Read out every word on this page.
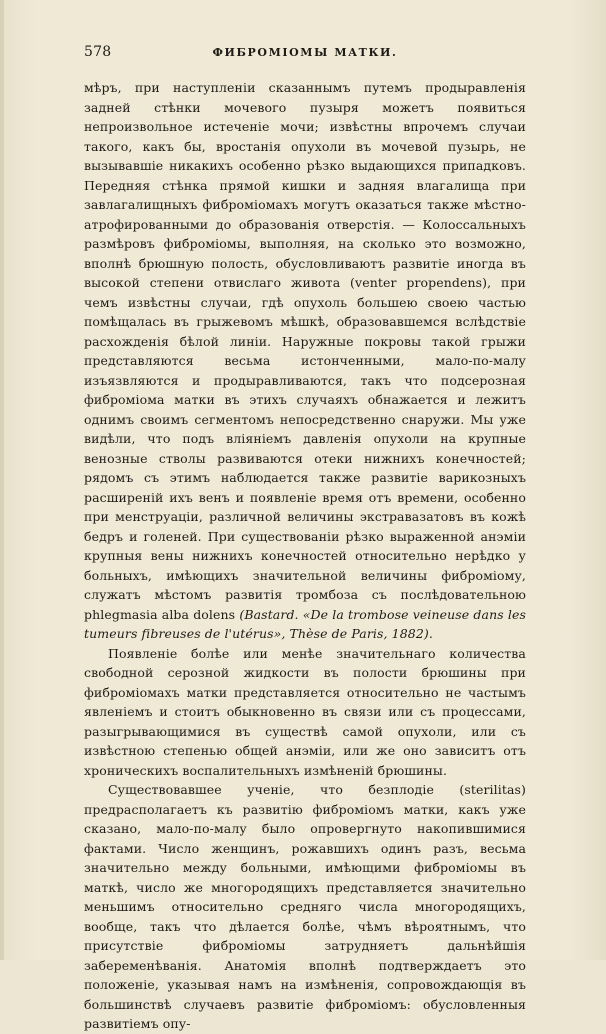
578	ФИБРОМІОМЫ МАТКИ.

мѣръ, при наступленіи сказаннымъ путемъ продыравленія задней стѣнки мочевого пузыря можетъ появиться непроизвольное истеченіе мочи; извѣстны впрочемъ случаи такого, какъ бы, вростанія опухоли въ мочевой пузырь, не вызывавшіе никакихъ особенно рѣзко выдающихся припадковъ. Передняя стѣнка прямой кишки и задняя влагалища при завлагалищныхъ фиброміомахъ могутъ оказаться также мѣстно-атрофированными до образованія отверстія. — Колоссальныхъ размѣровъ фиброміомы, выполняя, на сколько это возможно, вполнѣ брюшную полость, обусловливаютъ развитіе иногда въ высокой степени отвислаго живота (venter propendens), при чемъ извѣстны случаи, гдѣ опухоль большею своею частью помѣщалась въ грыжевомъ мѣшкѣ, образовавшемся вслѣдствіе расхожденія бѣлой линіи. Наружные покровы такой грыжи представляются весьма истонченными, мало-по-малу изъязвляются и продыравливаются, такъ что подсерозная фиброміома матки въ этихъ случаяхъ обнажается и лежитъ однимъ своимъ сегментомъ непосредственно снаружи. Мы уже видѣли, что подъ вліяніемъ давленія опухоли на крупные венозные стволы развиваются отеки нижнихъ конечностей; рядомъ съ этимъ наблюдается также развитіе варикозныхъ расширеній ихъ венъ и появленіе время отъ времени, особенно при менструаціи, различной величины экстравазатовъ въ кожѣ бедръ и голеней. При существованіи рѣзко выраженной анэміи крупныя вены нижнихъ конечностей относительно нерѣдко у больныхъ, имѣющихъ значительной величины фиброміому, служатъ мѣстомъ развитія тромбоза съ послѣдовательною phlegmasia alba dolens (Bastard. «De la trombose veineuse dans les tumeurs fibreuses de l'utérus», Thèse de Paris, 1882).

Появленіе болѣе или менѣе значительнаго количества свободной серозной жидкости въ полости брюшины при фиброміомахъ матки представляется относительно не частымъ явленіемъ и стоитъ обыкновенно въ связи или съ процессами, разыгрывающимися въ существѣ самой опухоли, или съ извѣстною степенью общей анэміи, или же оно зависитъ отъ хроническихъ воспалительныхъ измѣненій брюшины.

Существовавшее ученіе, что безплодіе (sterilitas) предрасполагаетъ къ развитію фиброміомъ матки, какъ уже сказано, мало-по-малу было опровергнуто накопившимися фактами. Число женщинъ, рожавшихъ одинъ разъ, весьма значительно между больными, имѣющими фиброміомы въ маткѣ, число же многородящихъ представляется значительно меньшимъ относительно средняго числа многородящихъ, вообще, такъ что дѣлается болѣе, чѣмъ вѣроятнымъ, что присутствіе фиброміомы затрудняетъ дальнѣйшія забеременѣванія. Анатомія вполнѣ подтверждаетъ это положеніе, указывая намъ на измѣненія, сопровождающія въ большинствѣ случаевъ развитіе фиброміомъ: обусловленныя развитіемъ опу-
